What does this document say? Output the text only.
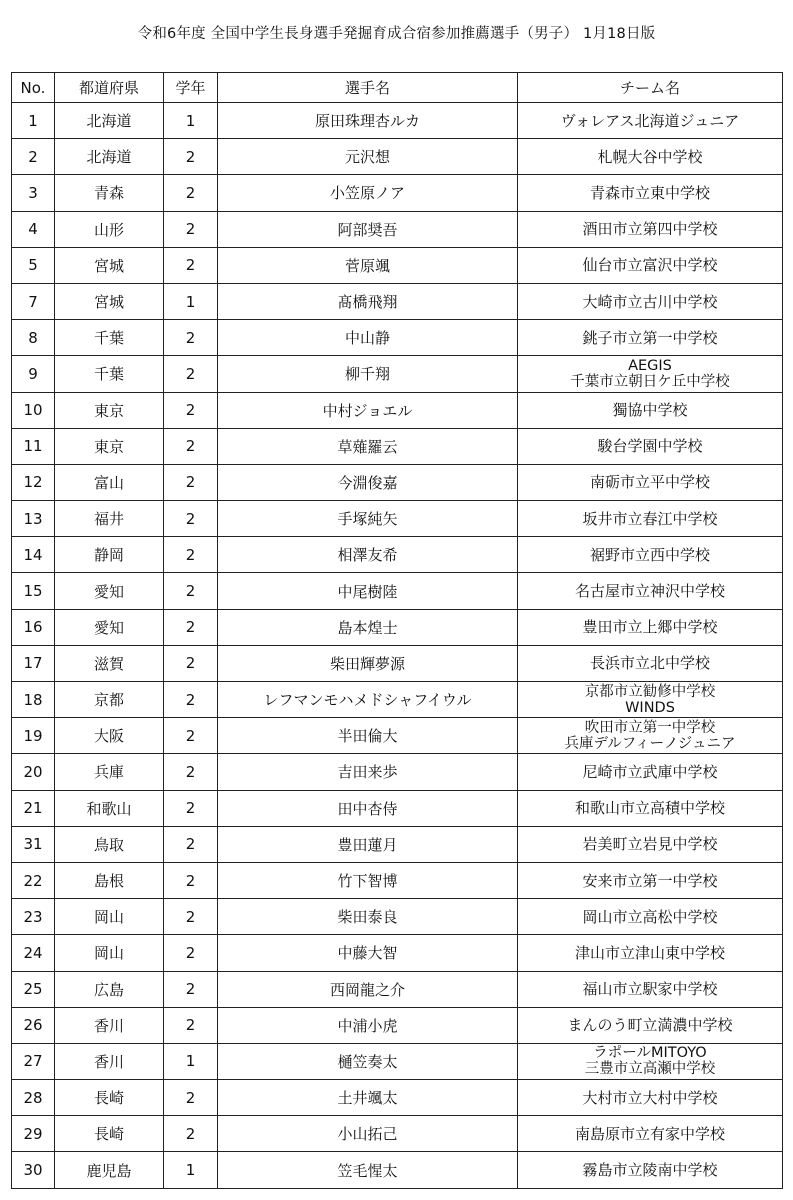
令和6年度 全国中学生長身選手発掘育成合宿参加推薦選手（男子） 1月18日版
No.	都道府県	学年	選手名	チーム名
1	北海道	1	原田珠理杏ルカ	ヴォレアス北海道ジュニア

2	北海道	2	元沢想	札幌大谷中学校

3	青森	2	小笠原ノア	青森市立東中学校

4	山形	2	阿部奨吾	酒田市立第四中学校

5	宮城	2	菅原颯	仙台市立富沢中学校

7	宮城	1	髙橋飛翔	大崎市立古川中学校

8	千葉	2	中山静	銚子市立第一中学校

9	千葉	2	柳千翔	AEGIS
千葉市立朝日ケ丘中学校

10	東京	2	中村ジョエル	獨協中学校

11	東京	2	草薙羅云	駿台学園中学校

12	富山	2	今淵俊嘉	南砺市立平中学校

13	福井	2	手塚純矢	坂井市立春江中学校

14	静岡	2	相澤友希	裾野市立西中学校

15	愛知	2	中尾樹陸	名古屋市立神沢中学校

16	愛知	2	島本煌士	豊田市立上郷中学校

17	滋賀	2	柴田輝夢源	長浜市立北中学校

18	京都	2	レフマンモハメドシャフイウル	京都市立勧修中学校
WINDS

19	大阪	2	半田倫大	吹田市立第一中学校
兵庫デルフィーノジュニア

20	兵庫	2	吉田来歩	尼崎市立武庫中学校

21	和歌山	2	田中杏侍	和歌山市立高積中学校

31	鳥取	2	豊田蓮月	岩美町立岩見中学校

22	島根	2	竹下智博	安来市立第一中学校

23	岡山	2	柴田泰良	岡山市立高松中学校

24	岡山	2	中藤大智	津山市立津山東中学校

25	広島	2	西岡龍之介	福山市立駅家中学校

26	香川	2	中浦小虎	まんのう町立満濃中学校

27	香川	1	樋笠奏太	ラポールMITOYO
三豊市立高瀬中学校

28	長崎	2	土井颯太	大村市立大村中学校

29	長崎	2	小山拓己	南島原市立有家中学校

30	鹿児島	1	笠毛惺太	霧島市立陵南中学校
